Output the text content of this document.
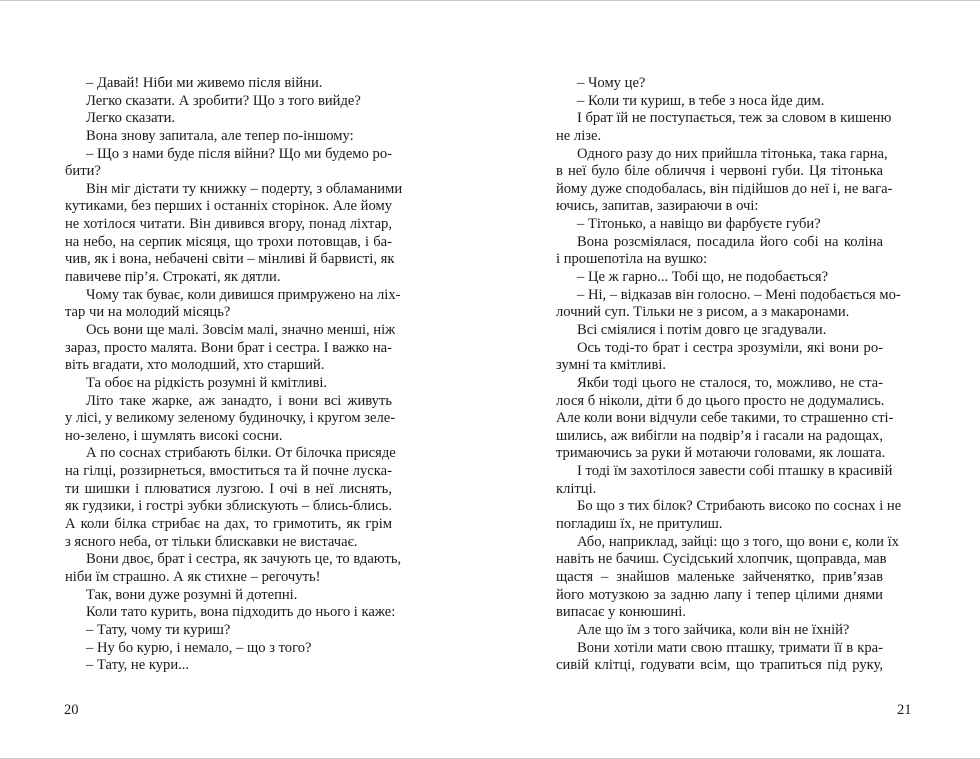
– Давай! Ніби ми живемо після війни.
Легко сказати. А зробити? Що з того вийде?
Легко сказати.
Вона знову запитала, але тепер по-іншому:
– Що з нами буде після війни? Що ми будемо ро-
бити?
Він міг дістати ту книжку – подерту, з обламаними
кутиками, без перших і останніх сторінок. Але йому
не хотілося читати. Він дивився вгору, понад ліхтар,
на небо, на серпик місяця, що трохи потовщав, і ба-
чив, як і вона, небачені світи – мінливі й барвисті, як
павичеве пір’я. Строкаті, як дятли.
Чому так буває, коли дивишся примружено на ліх-
тар чи на молодий місяць?
Ось вони ще малі. Зовсім малі, значно менші, ніж
зараз, просто малята. Вони брат і сестра. І важко на-
віть вгадати, хто молодший, хто старший.
Та обоє на рідкість розумні й кмітливі.
Літо таке жарке, аж занадто, і вони всі живуть
у лісі, у великому зеленому будиночку, і кругом зеле-
но-зелено, і шумлять високі сосни.
А по соснах стрибають білки. От білочка присяде
на гілці, роззирнеться, вмоститься та й почне луска-
ти шишки і плюватися лузгою. І очі в неї лиснять,
як гудзики, і гострі зубки зблискують – блись-блись.
А коли білка стрибає на дах, то гримотить, як грім
з ясного неба, от тільки блискавки не вистачає.
Вони двоє, брат і сестра, як зачують це, то вдають,
ніби їм страшно. А як стихне – регочуть!
Так, вони дуже розумні й дотепні.
Коли тато курить, вона підходить до нього і каже:
– Тату, чому ти куриш?
– Ну бо курю, і немало, – що з того?
– Тату, не кури...
– Чому це?
– Коли ти куриш, в тебе з носа йде дим.
І брат їй не поступається, теж за словом в кишеню
не лізе.
Одного разу до них прийшла тітонька, така гарна,
в неї було біле обличчя і червоні губи. Ця тітонька
йому дуже сподобалась, він підійшов до неї і, не вага-
ючись, запитав, зазираючи в очі:
– Тітонько, а навіщо ви фарбуєте губи?
Вона розсміялася, посадила його собі на коліна
і прошепотіла на вушко:
– Це ж гарно... Тобі що, не подобається?
– Ні, – відказав він голосно. – Мені подобається мо-
лочний суп. Тільки не з рисом, а з макаронами.
Всі сміялися і потім довго це згадували.
Ось тоді-то брат і сестра зрозуміли, які вони ро-
зумні та кмітливі.
Якби тоді цього не сталося, то, можливо, не ста-
лося б ніколи, діти б до цього просто не додумались.
Але коли вони відчули себе такими, то страшенно сті-
шились, аж вибігли на подвір’я і гасали на радощах,
тримаючись за руки й мотаючи головами, як лошата.
І тоді їм захотілося завести собі пташку в красивій
клітці.
Бо що з тих білок? Стрибають високо по соснах і не
погладиш їх, не притулиш.
Або, наприклад, зайці: що з того, що вони є, коли їх
навіть не бачиш. Сусідський хлопчик, щоправда, мав
щастя – знайшов маленьке зайченятко, прив’язав
його мотузкою за задню лапу і тепер цілими днями
випасає у конюшині.
Але що їм з того зайчика, коли він не їхній?
Вони хотіли мати свою пташку, тримати її в кра-
сивій клітці, годувати всім, що трапиться під руку,
20	21
